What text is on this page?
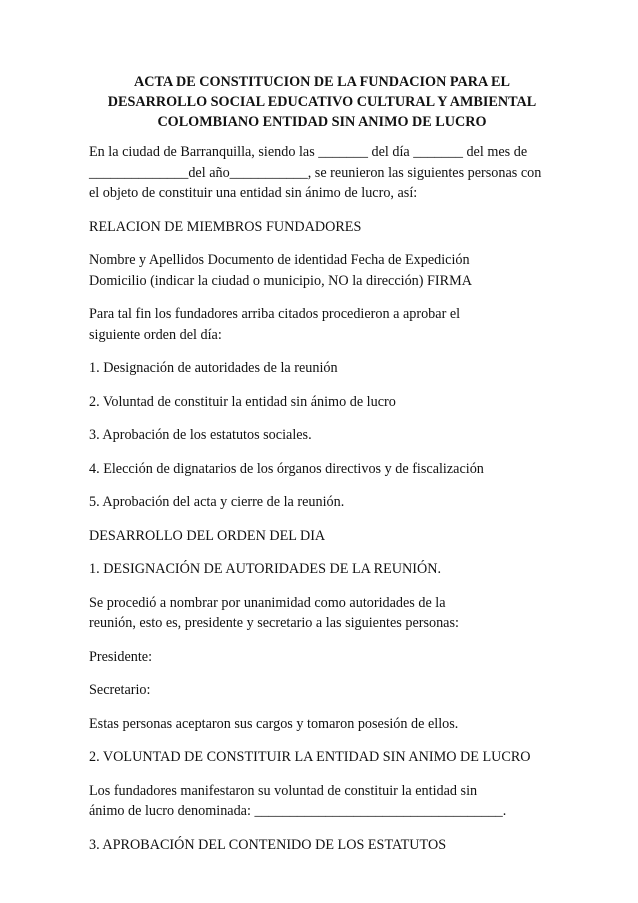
ACTA DE CONSTITUCION DE LA FUNDACION PARA EL
DESARROLLO SOCIAL EDUCATIVO CULTURAL Y AMBIENTAL
COLOMBIANO ENTIDAD SIN ANIMO DE LUCRO

En la ciudad de Barranquilla, siendo las _______ del día _______ del mes de
______________del año___________, se reunieron las siguientes personas con
el objeto de constituir una entidad sin ánimo de lucro, así:

RELACION DE MIEMBROS FUNDADORES

Nombre y Apellidos Documento de identidad Fecha de Expedición
Domicilio (indicar la ciudad o municipio, NO la dirección) FIRMA

Para tal fin los fundadores arriba citados procedieron a aprobar el
siguiente orden del día:

1. Designación de autoridades de la reunión

2. Voluntad de constituir la entidad sin ánimo de lucro

3. Aprobación de los estatutos sociales.

4. Elección de dignatarios de los órganos directivos y de fiscalización

5. Aprobación del acta y cierre de la reunión.

DESARROLLO DEL ORDEN DEL DIA

1. DESIGNACIÓN DE AUTORIDADES DE LA REUNIÓN.

Se procedió a nombrar por unanimidad como autoridades de la
reunión, esto es, presidente y secretario a las siguientes personas:

Presidente:

Secretario:

Estas personas aceptaron sus cargos y tomaron posesión de ellos.

2. VOLUNTAD DE CONSTITUIR LA ENTIDAD SIN ANIMO DE LUCRO

Los fundadores manifestaron su voluntad de constituir la entidad sin
ánimo de lucro denominada: ___________________________________.

3. APROBACIÓN DEL CONTENIDO DE LOS ESTATUTOS
